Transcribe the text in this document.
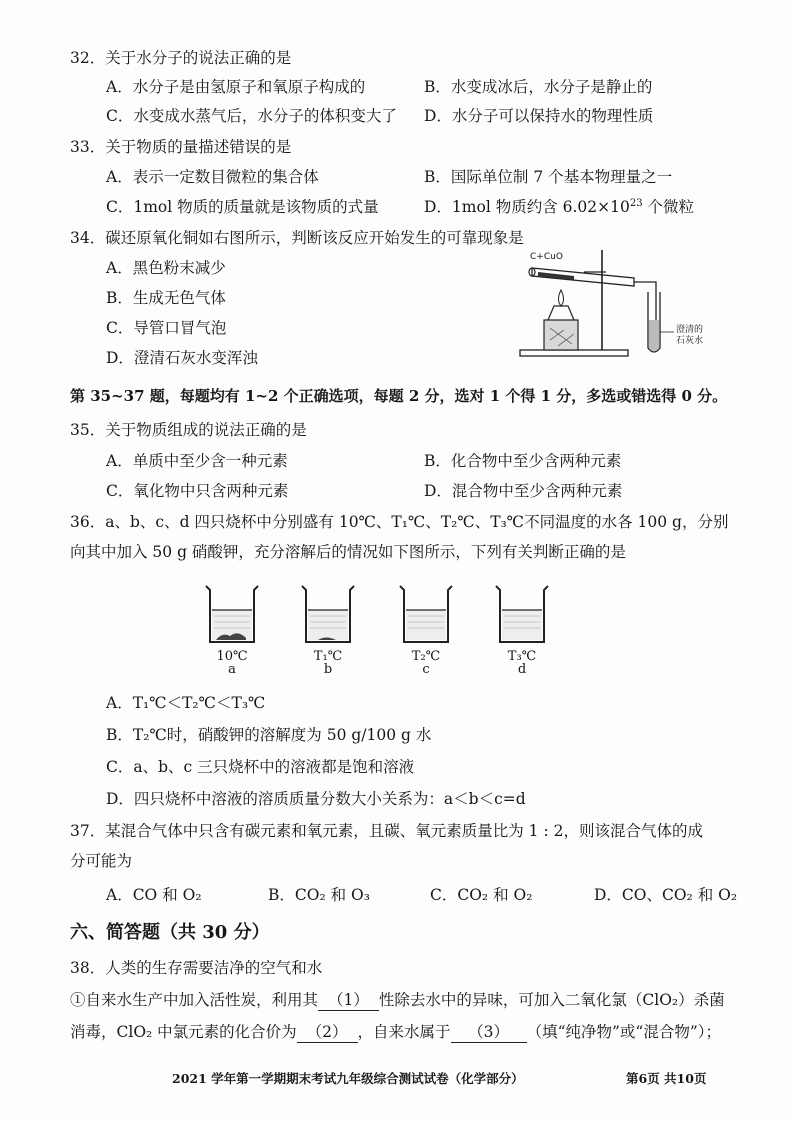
32．关于水分子的说法正确的是
A．水分子是由氢原子和氧原子构成的	B．水变成冰后，水分子是静止的
C．水变成水蒸气后，水分子的体积变大了 D．水分子可以保持水的物理性质
33．关于物质的量描述错误的是
A．表示一定数目微粒的集合体	B．国际单位制 7 个基本物理量之一
C．1mol 物质的质量就是该物质的式量	D．1mol 物质约含 $6.02\times 10^{23}$ 个微粒
34．碳还原氧化铜如右图所示，判断该反应开始发生的可靠现象是
A．黑色粉末减少
B．生成无色气体
C．导管口冒气泡
D．澄清石灰水变浑浊
C+CuO
澄清的
石灰水
第 35~37 题，每题均有 1~2 个正确选项，每题 2 分，选对 1 个得 1 分，多选或错选得 0 分。
35．关于物质组成的说法正确的是
A．单质中至少含一种元素	B．化合物中至少含两种元素
C．氧化物中只含两种元素	D．混合物中至少含两种元素
36．a、b、c、d 四只烧杯中分别盛有 10℃、T₁℃、T₂℃、T₃℃不同温度的水各 100 g，分别
向其中加入 50 g 硝酸钾，充分溶解后的情况如下图所示，下列有关判断正确的是
10℃
a
T₁℃
b
T₂℃
c
T₃℃
d
A．T₁℃＜T₂℃＜T₃℃
B．T₂℃时，硝酸钾的溶解度为 50 g/100 g 水
C．a、b、c 三只烧杯中的溶液都是饱和溶液
D．四只烧杯中溶液的溶质质量分数大小关系为：a＜b＜c=d
37．某混合气体中只含有碳元素和氧元素，且碳、氧元素质量比为 1 : 2，则该混合气体的成
分可能为
A．CO 和 O₂	B．CO₂ 和 O₃	C．CO₂ 和 O₂	D．CO、CO₂ 和 O₂
六、简答题（共 30 分）
38．人类的生存需要洁净的空气和水
①自来水生产中加入活性炭，利用其 （1） 性除去水中的异味，可加入二氧化氯（ClO₂）杀菌
消毒，ClO₂ 中氯元素的化合价为 （2） ，自来水属于 （3） （填“纯净物”或“混合物”）；
2021 学年第一学期期末考试九年级综合测试试卷（化学部分）	第6页 共10页
